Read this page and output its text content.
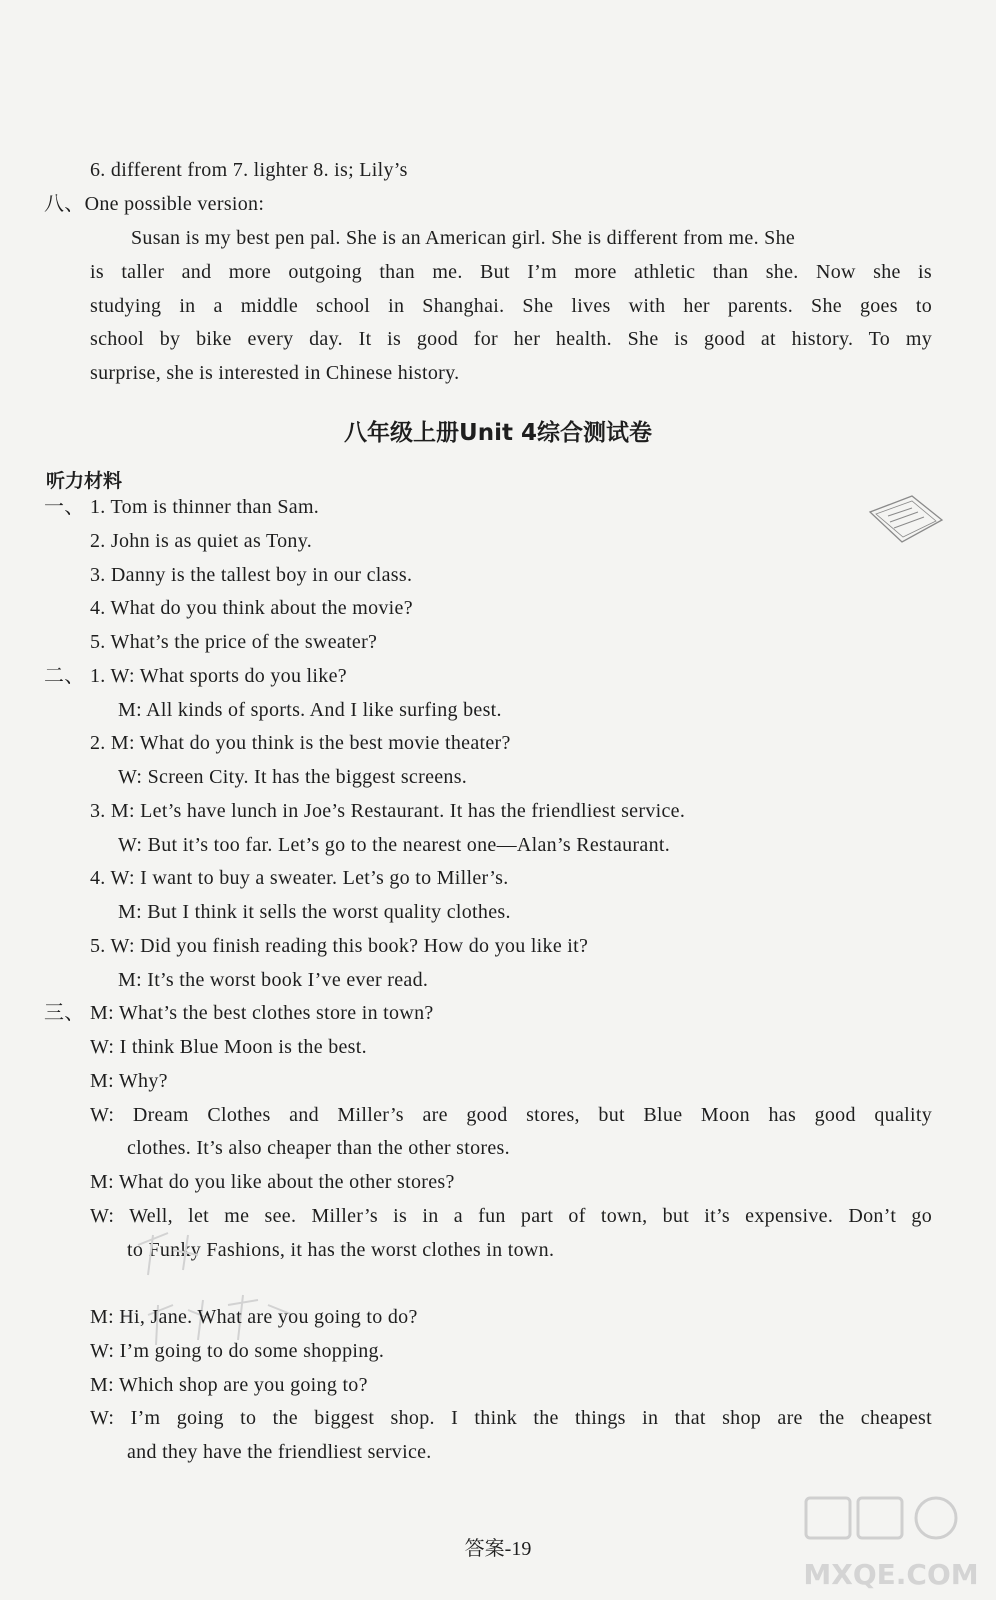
6. different from 7. lighter 8. is; Lily’s
八、One possible version:
Susan is my best pen pal. She is an American girl. She is different from me. She
is taller and more outgoing than me. But I’m more athletic than she. Now she is
studying in a middle school in Shanghai. She lives with her parents. She goes to
school by bike every day. It is good for her health. She is good at history. To my
surprise, she is interested in Chinese history.
八年级上册Unit 4综合测试卷
听力材料
一、 1. Tom is thinner than Sam.
2. John is as quiet as Tony.
3. Danny is the tallest boy in our class.
4. What do you think about the movie?
5. What’s the price of the sweater?
二、 1. W: What sports do you like?
M: All kinds of sports. And I like surfing best.
2. M: What do you think is the best movie theater?
W: Screen City. It has the biggest screens.
3. M: Let’s have lunch in Joe’s Restaurant. It has the friendliest service.
W: But it’s too far. Let’s go to the nearest one—Alan’s Restaurant.
4. W: I want to buy a sweater. Let’s go to Miller’s.
M: But I think it sells the worst quality clothes.
5. W: Did you finish reading this book? How do you like it?
M: It’s the worst book I’ve ever read.
三、 M: What’s the best clothes store in town?
W: I think Blue Moon is the best.
M: Why?
W: Dream Clothes and Miller’s are good stores, but Blue Moon has good quality
clothes. It’s also cheaper than the other stores.
M: What do you like about the other stores?
W: Well, let me see. Miller’s is in a fun part of town, but it’s expensive. Don’t go
to Funky Fashions, it has the worst clothes in town.
M: Hi, Jane. What are you going to do?
W: I’m going to do some shopping.
M: Which shop are you going to?
W: I’m going to the biggest shop. I think the things in that shop are the cheapest
and they have the friendliest service.
答案-19
MXQE.COM
